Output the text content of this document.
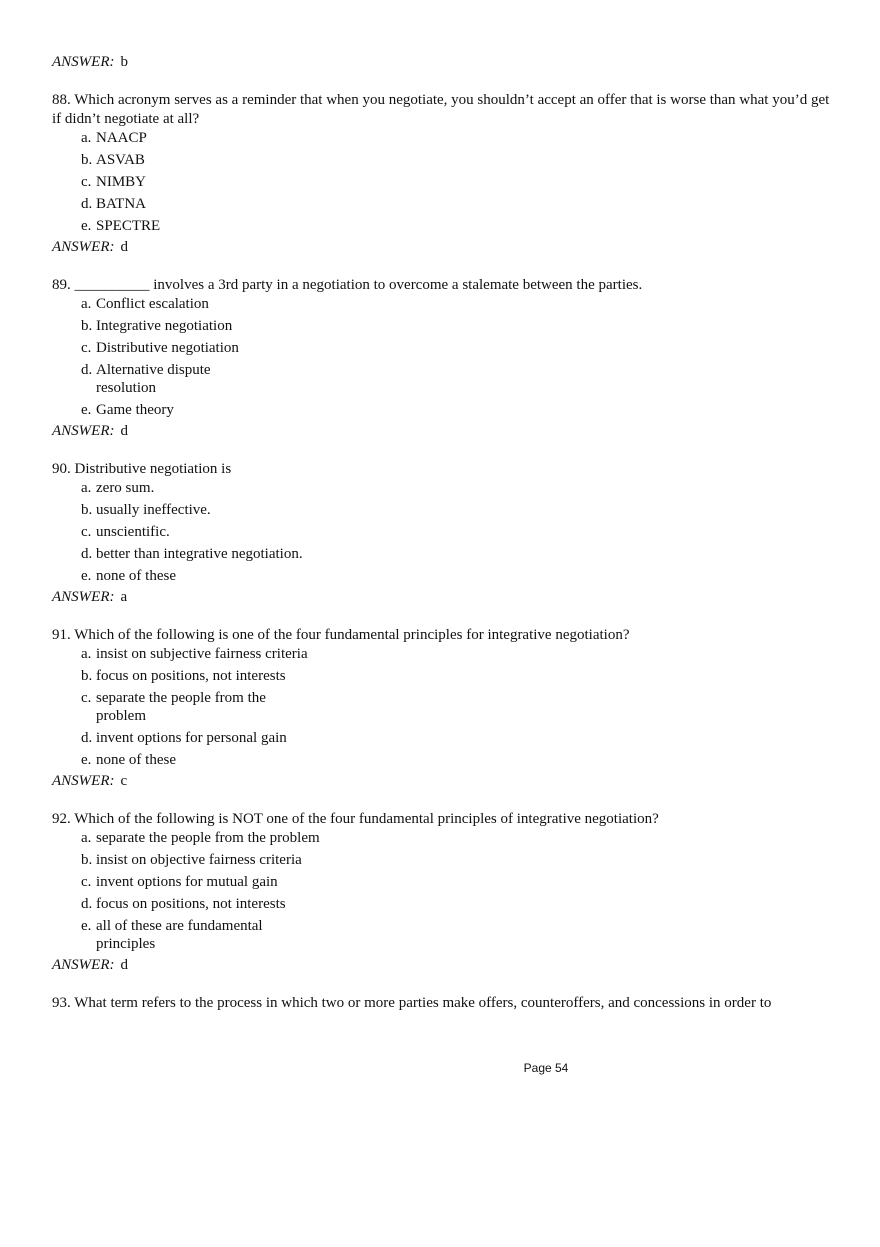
ANSWER: b
88. Which acronym serves as a reminder that when you negotiate, you shouldn’t accept an offer that is worse than what you’d get if didn’t negotiate at all?
a. NAACP
b. ASVAB
c. NIMBY
d. BATNA
e. SPECTRE
ANSWER: d
89. __________ involves a 3rd party in a negotiation to overcome a stalemate between the parties.
a. Conflict escalation
b. Integrative negotiation
c. Distributive negotiation
d. Alternative dispute resolution
e. Game theory
ANSWER: d
90. Distributive negotiation is
a. zero sum.
b. usually ineffective.
c. unscientific.
d. better than integrative negotiation.
e. none of these
ANSWER: a
91. Which of the following is one of the four fundamental principles for integrative negotiation?
a. insist on subjective fairness criteria
b. focus on positions, not interests
c. separate the people from the problem
d. invent options for personal gain
e. none of these
ANSWER: c
92. Which of the following is NOT one of the four fundamental principles of integrative negotiation?
a. separate the people from the problem
b. insist on objective fairness criteria
c. invent options for mutual gain
d. focus on positions, not interests
e. all of these are fundamental principles
ANSWER: d
93. What term refers to the process in which two or more parties make offers, counteroffers, and concessions in order to
Page 54
